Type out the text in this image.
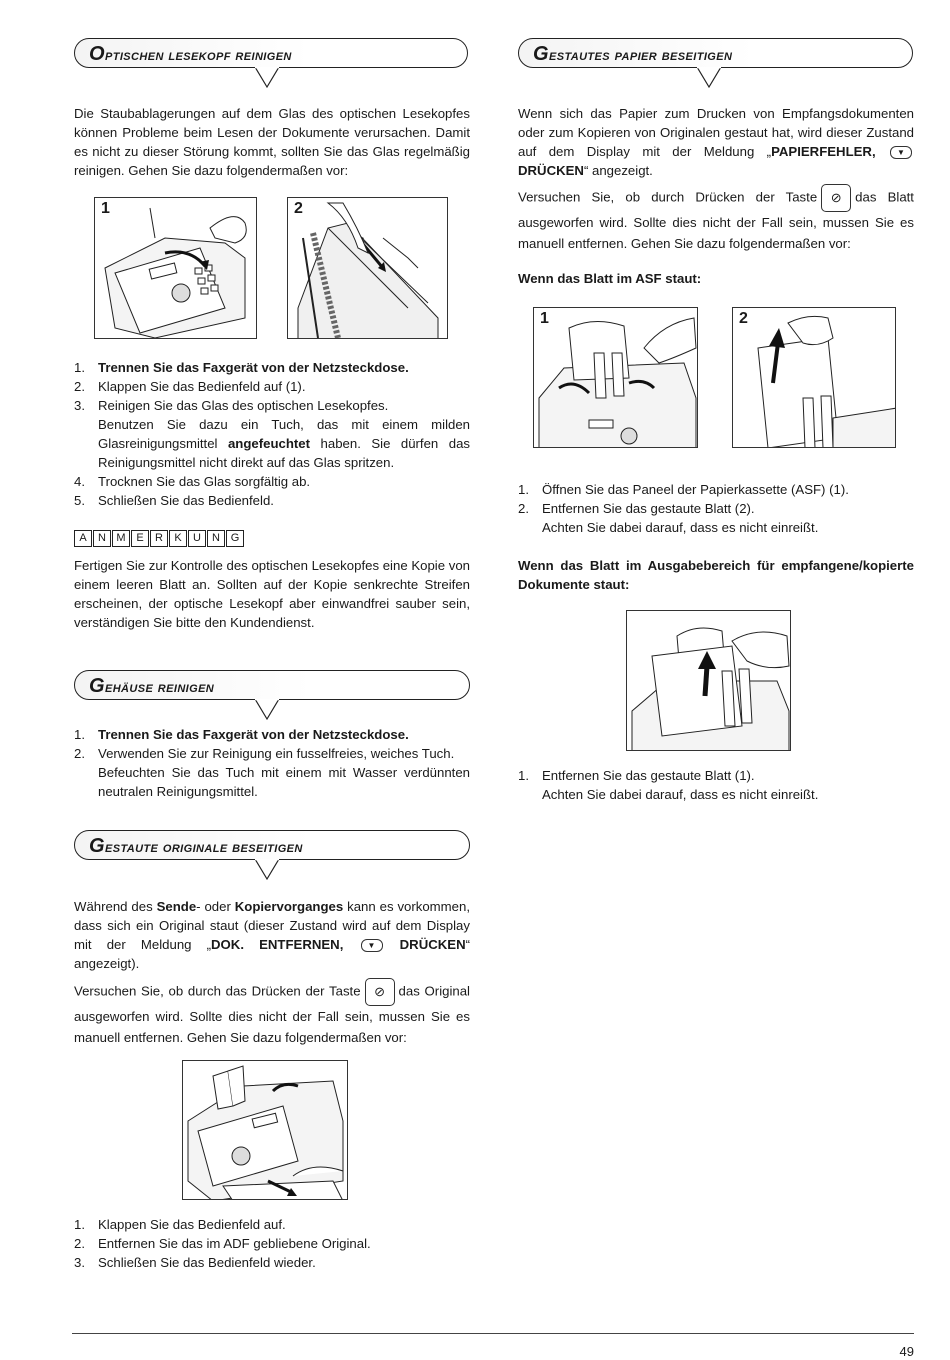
Optischen lesekopf reinigen

Die Staubablagerungen auf dem Glas des optischen Lesekopfes können Probleme beim Lesen der Dokumente verursachen. Damit es nicht zu dieser Störung kommt, sollten Sie das Glas regelmäßig reinigen. Gehen Sie dazu folgendermaßen vor:

1	2
1. Trennen Sie das Faxgerät von der Netzsteckdose.
2. Klappen Sie das Bedienfeld auf (1).
3. Reinigen Sie das Glas des optischen Lesekopfes.
Benutzen Sie dazu ein Tuch, das mit einem milden Glasreinigungsmittel angefeuchtet haben. Sie dürfen das Reinigungsmittel nicht direkt auf das Glas spritzen.
4. Trocknen Sie das Glas sorgfältig ab.
5. Schließen Sie das Bedienfeld.
A	N M E	R	K	U	N G

Fertigen Sie zur Kontrolle des optischen Lesekopfes eine Kopie von einem leeren Blatt an. Sollten auf der Kopie senkrechte Streifen erscheinen, der optische Lesekopf aber einwandfrei sauber sein, verständigen Sie bitte den Kundendienst.

Gehäuse reinigen
1. Trennen Sie das Faxgerät von der Netzsteckdose.
2. Verwenden Sie zur Reinigung ein fusselfreies, weiches Tuch.
Befeuchten Sie das Tuch mit einem mit Wasser verdünnten neutralen Reinigungsmittel.
Gestaute originale beseitigen

Während des Sende- oder Kopiervorganges kann es vorkommen, dass sich ein Original staut (dieser Zustand wird auf dem Display mit der Meldung „DOK. ENTFERNEN,	▼ DRÜCKEN“ angezeigt).

Versuchen Sie, ob durch das Drücken der Taste ⊘ das Original ausgeworfen wird. Sollte dies nicht der Fall sein, mussen Sie es manuell entfernen. Gehen Sie dazu folgendermaßen vor:

1. Klappen Sie das Bedienfeld auf.
2. Entfernen Sie das im ADF gebliebene Original.
3. Schließen Sie das Bedienfeld wieder.
Gestautes papier beseitigen

Wenn sich das Papier zum Drucken von Empfangsdokumenten oder zum Kopieren von Originalen gestaut hat, wird dieser Zustand auf dem Display mit der Meldung „PAPIERFEHLER,	▼ DRÜCKEN“ angezeigt.

Versuchen Sie, ob durch Drücken der Taste ⊘ das Blatt ausgeworfen wird. Sollte dies nicht der Fall sein, mussen Sie es manuell entfernen. Gehen Sie dazu folgendermaßen vor:

Wenn das Blatt im ASF staut:
1	2
1. Öffnen Sie das Paneel der Papierkassette (ASF) (1).
2. Entfernen Sie das gestaute Blatt (2).
Achten Sie dabei darauf, dass es nicht einreißt.

Wenn das Blatt im Ausgabebereich für empfangene/kopierte Dokumente staut:

1. Entfernen Sie das gestaute Blatt (1).
Achten Sie dabei darauf, dass es nicht einreißt.
49
